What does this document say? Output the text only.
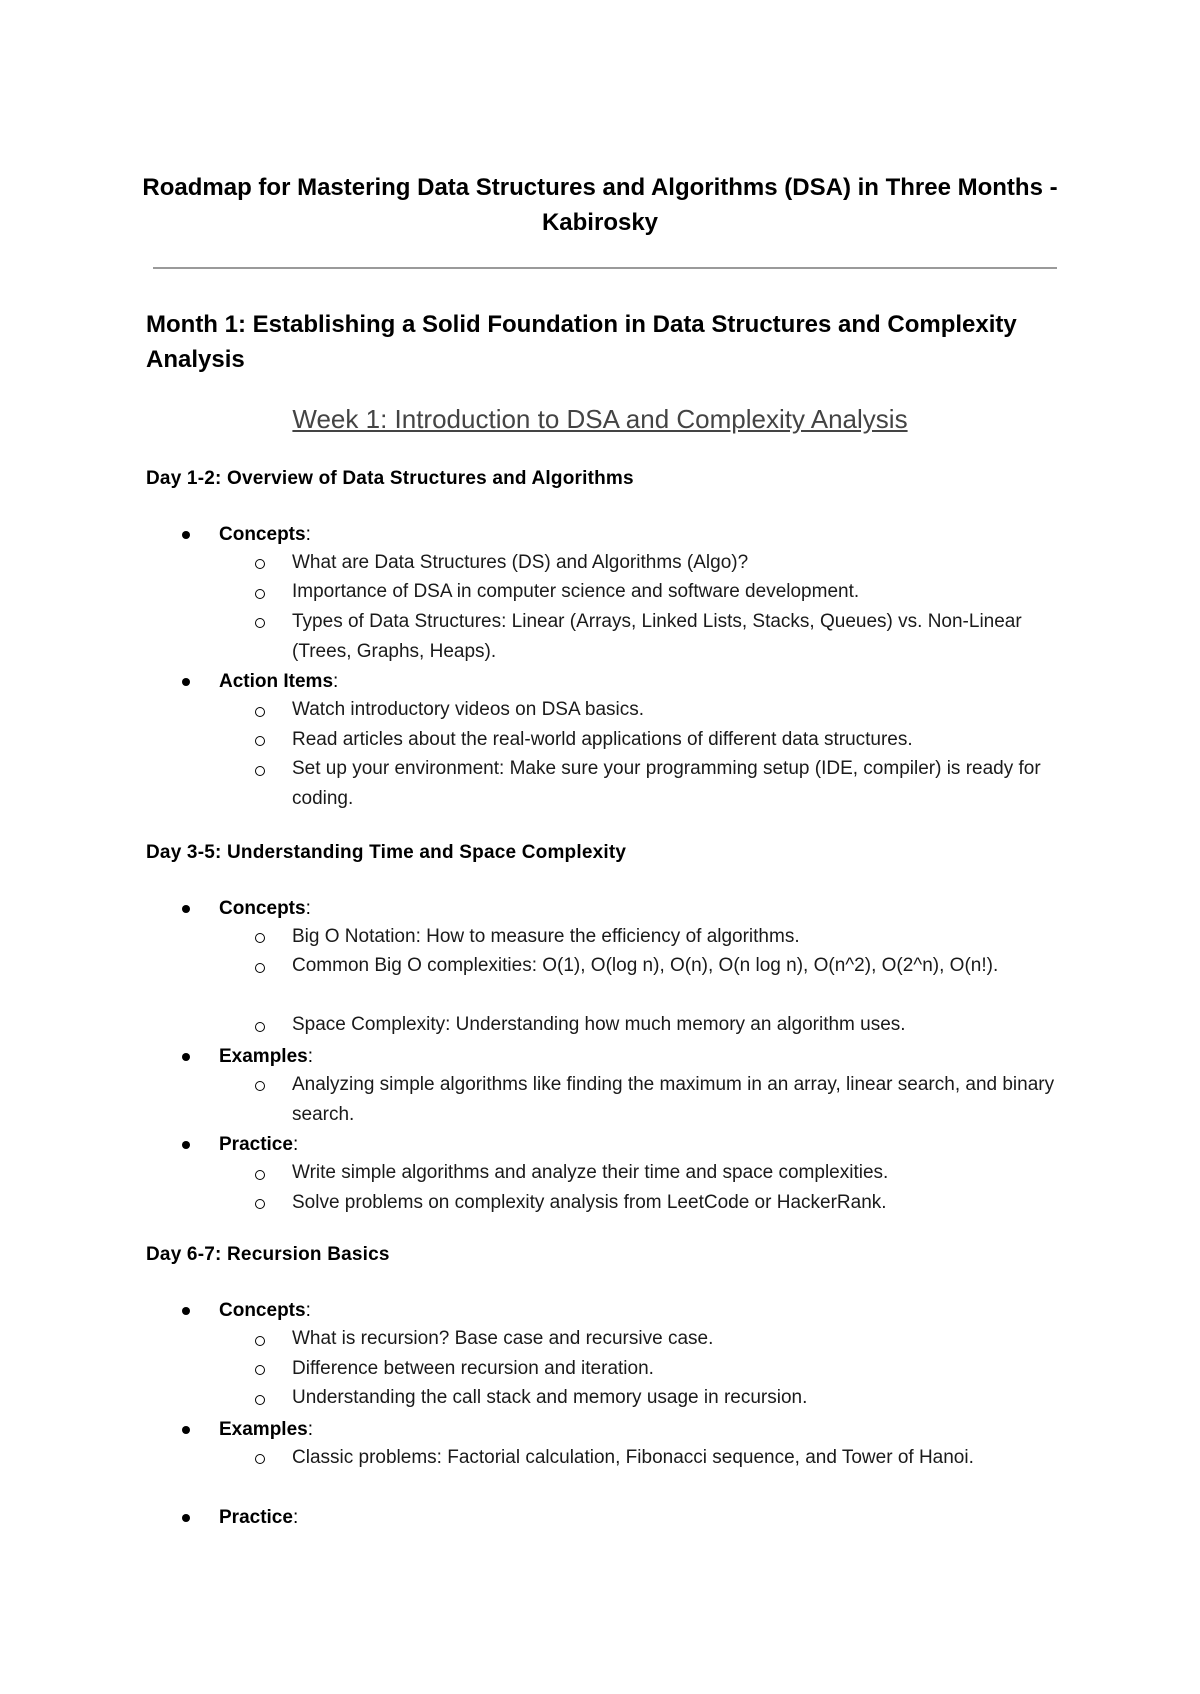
Roadmap for Mastering Data Structures and Algorithms (DSA) in Three Months - Kabirosky
Month 1: Establishing a Solid Foundation in Data Structures and Complexity Analysis
Week 1: Introduction to DSA and Complexity Analysis
Day 1-2: Overview of Data Structures and Algorithms
Concepts:
What are Data Structures (DS) and Algorithms (Algo)?
Importance of DSA in computer science and software development.
Types of Data Structures: Linear (Arrays, Linked Lists, Stacks, Queues) vs. Non-Linear (Trees, Graphs, Heaps).
Action Items:
Watch introductory videos on DSA basics.
Read articles about the real-world applications of different data structures.
Set up your environment: Make sure your programming setup (IDE, compiler) is ready for coding.
Day 3-5: Understanding Time and Space Complexity
Concepts:
Big O Notation: How to measure the efficiency of algorithms.
Common Big O complexities: O(1), O(log n), O(n), O(n log n), O(n^2), O(2^n), O(n!).
Space Complexity: Understanding how much memory an algorithm uses.
Examples:
Analyzing simple algorithms like finding the maximum in an array, linear search, and binary search.
Practice:
Write simple algorithms and analyze their time and space complexities.
Solve problems on complexity analysis from LeetCode or HackerRank.
Day 6-7: Recursion Basics
Concepts:
What is recursion? Base case and recursive case.
Difference between recursion and iteration.
Understanding the call stack and memory usage in recursion.
Examples:
Classic problems: Factorial calculation, Fibonacci sequence, and Tower of Hanoi.
Practice:
